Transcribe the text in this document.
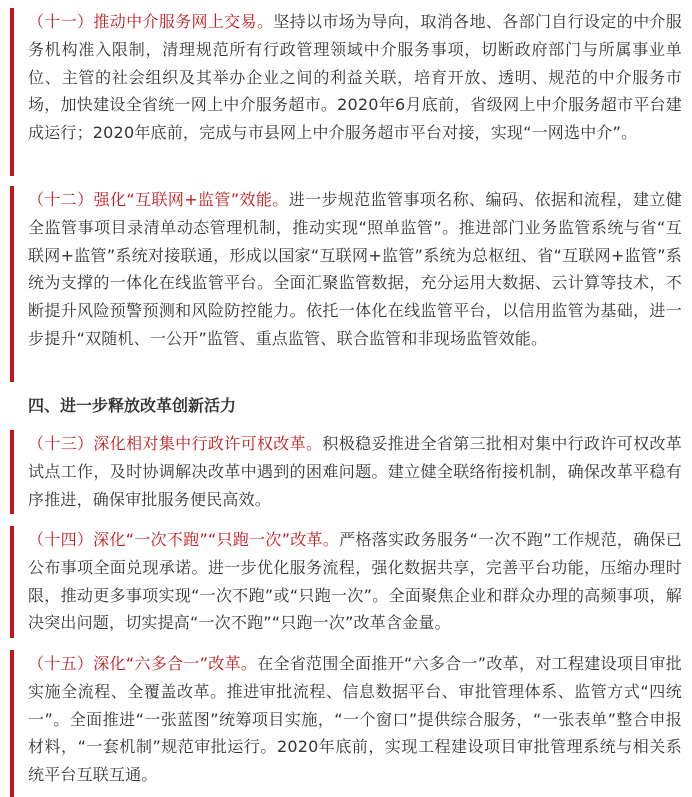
（十一）推动中介服务网上交易。坚持以市场为导向，取消各地、各部门自行设定的中介服务机构准入限制，清理规范所有行政管理领域中介服务事项，切断政府部门与所属事业单位、主管的社会组织及其举办企业之间的利益关联，培育开放、透明、规范的中介服务市场，加快建设全省统一网上中介服务超市。2020年6月底前，省级网上中介服务超市平台建成运行；2020年底前，完成与市县网上中介服务超市平台对接，实现“一网选中介”。
（十二）强化“互联网+监管”效能。进一步规范监管事项名称、编码、依据和流程，建立健全监管事项目录清单动态管理机制，推动实现“照单监管”。推进部门业务监管系统与省“互联网+监管”系统对接联通，形成以国家“互联网+监管”系统为总枢纽、省“互联网+监管”系统为支撑的一体化在线监管平台。全面汇聚监管数据，充分运用大数据、云计算等技术，不断提升风险预警预测和风险防控能力。依托一体化在线监管平台，以信用监管为基础，进一步提升“双随机、一公开”监管、重点监管、联合监管和非现场监管效能。
四、进一步释放改革创新活力
（十三）深化相对集中行政许可权改革。积极稳妥推进全省第三批相对集中行政许可权改革试点工作，及时协调解决改革中遇到的困难问题。建立健全联络衔接机制，确保改革平稳有序推进，确保审批服务便民高效。
（十四）深化“一次不跑”“只跑一次”改革。严格落实政务服务“一次不跑”工作规范，确保已公布事项全面兑现承诺。进一步优化服务流程，强化数据共享，完善平台功能，压缩办理时限，推动更多事项实现“一次不跑”或“只跑一次”。全面聚焦企业和群众办理的高频事项，解决突出问题，切实提高“一次不跑”“只跑一次”改革含金量。
（十五）深化“六多合一”改革。在全省范围全面推开“六多合一”改革，对工程建设项目审批实施全流程、全覆盖改革。推进审批流程、信息数据平台、审批管理体系、监管方式“四统一”。全面推进“一张蓝图”统筹项目实施，“一个窗口”提供综合服务，“一张表单”整合申报材料，“一套机制”规范审批运行。2020年底前，实现工程建设项目审批管理系统与相关系统平台互联互通。
